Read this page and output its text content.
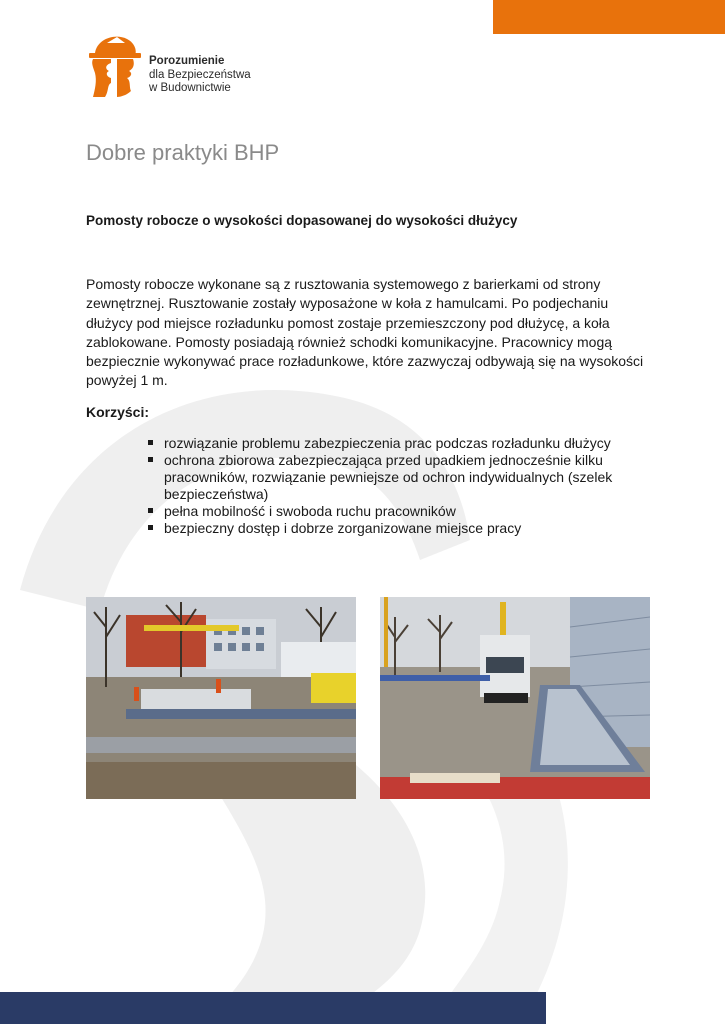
Porozumienie
dla Bezpieczeństwa
w Budownictwie
Dobre praktyki BHP
Pomosty robocze o wysokości dopasowanej do wysokości dłużycy

Pomosty robocze wykonane są z rusztowania systemowego z barierkami od strony zewnętrznej. Rusztowanie zostały wyposażone w koła z hamulcami. Po podjechaniu dłużycy pod miejsce rozładunku pomost zostaje przemieszczony pod dłużycę, a koła zablokowane. Pomosty posiadają również schodki komunikacyjne. Pracownicy mogą bezpiecznie wykonywać prace rozładunkowe, które zazwyczaj odbywają się na wysokości powyżej 1 m.

Korzyści:
rozwiązanie problemu zabezpieczenia prac podczas rozładunku dłużycy
ochrona zbiorowa zabezpieczająca przed upadkiem jednocześnie kilku pracowników, rozwiązanie pewniejsze od ochron indywidualnych (szelek bezpieczeństwa)
pełna mobilność i swoboda ruchu pracowników
bezpieczny dostęp i dobrze zorganizowane miejsce pracy
